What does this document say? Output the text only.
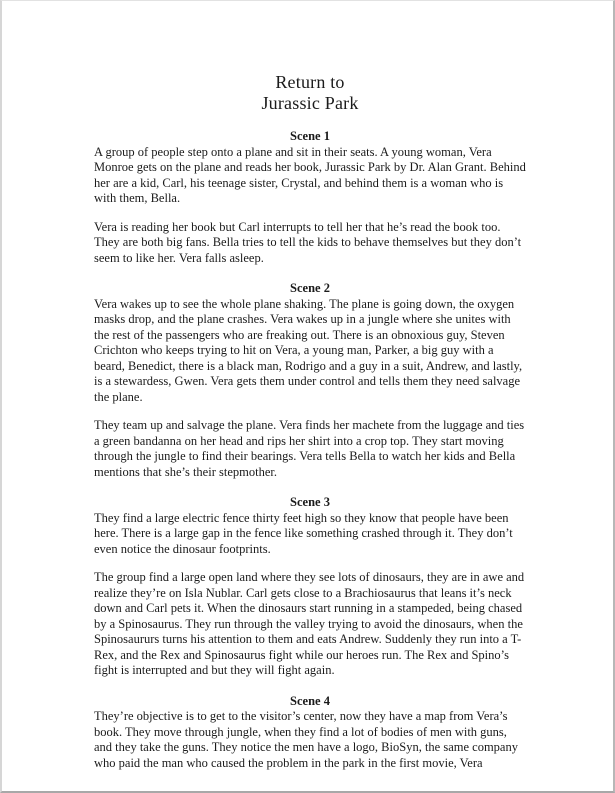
Return to
Jurassic Park
Scene 1

A group of people step onto a plane and sit in their seats. A young woman, Vera Monroe gets on the plane and reads her book, Jurassic Park by Dr. Alan Grant. Behind her are a kid, Carl, his teenage sister, Crystal, and behind them is a woman who is with them, Bella.

Vera is reading her book but Carl interrupts to tell her that he’s read the book too. They are both big fans. Bella tries to tell the kids to behave themselves but they don’t seem to like her. Vera falls asleep.

Scene 2

Vera wakes up to see the whole plane shaking. The plane is going down, the oxygen masks drop, and the plane crashes. Vera wakes up in a jungle where she unites with the rest of the passengers who are freaking out. There is an obnoxious guy, Steven Crichton who keeps trying to hit on Vera, a young man, Parker, a big guy with a beard, Benedict, there is a black man, Rodrigo and a guy in a suit, Andrew, and lastly, is a stewardess, Gwen. Vera gets them under control and tells them they need salvage the plane.

They team up and salvage the plane. Vera finds her machete from the luggage and ties a green bandanna on her head and rips her shirt into a crop top. They start moving through the jungle to find their bearings. Vera tells Bella to watch her kids and Bella mentions that she’s their stepmother.

Scene 3

They find a large electric fence thirty feet high so they know that people have been here. There is a large gap in the fence like something crashed through it. They don’t even notice the dinosaur footprints.

The group find a large open land where they see lots of dinosaurs, they are in awe and realize they’re on Isla Nublar. Carl gets close to a Brachiosaurus that leans it’s neck down and Carl pets it. When the dinosaurs start running in a stampeded, being chased by a Spinosaurus. They run through the valley trying to avoid the dinosaurs, when the Spinosaururs turns his attention to them and eats Andrew. Suddenly they run into a T-Rex, and the Rex and Spinosaurus fight while our heroes run. The Rex and Spino’s fight is interrupted and but they will fight again.

Scene 4

They’re objective is to get to the visitor’s center, now they have a map from Vera’s book. They move through jungle, when they find a lot of bodies of men with guns, and they take the guns. They notice the men have a logo, BioSyn, the same company who paid the man who caused the problem in the park in the first movie, Vera
